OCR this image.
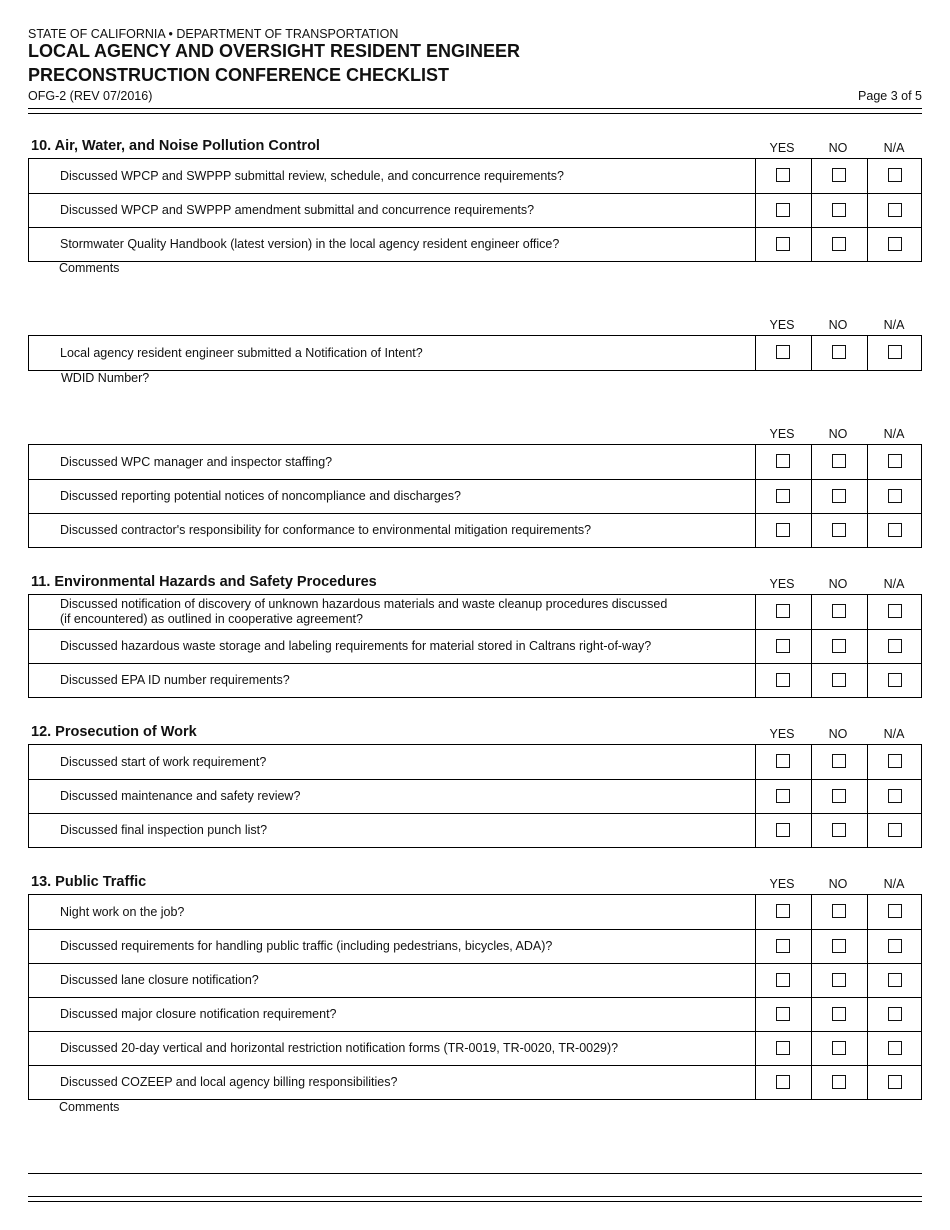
STATE OF CALIFORNIA • DEPARTMENT OF TRANSPORTATION
LOCAL AGENCY AND OVERSIGHT RESIDENT ENGINEER
PRECONSTRUCTION CONFERENCE CHECKLIST
OFG-2 (REV 07/2016)	Page 3 of 5
10. Air, Water, and Noise Pollution Control	YES	NO	N/A
Discussed WPCP and SWPPP submittal review, schedule, and concurrence requirements?
Discussed WPCP and SWPPP amendment submittal and concurrence requirements?
Stormwater Quality Handbook (latest version) in the local agency resident engineer office?
Comments
YES	NO	N/A
Local agency resident engineer submitted a Notification of Intent?
WDID Number?
YES	NO	N/A
Discussed WPC manager and inspector staffing?
Discussed reporting potential notices of noncompliance and discharges?
Discussed contractor's responsibility for conformance to environmental mitigation requirements?
11. Environmental Hazards and Safety Procedures	YES	NO	N/A
Discussed notification of discovery of unknown hazardous materials and waste cleanup procedures discussed (if encountered) as outlined in cooperative agreement?
Discussed hazardous waste storage and labeling requirements for material stored in Caltrans right-of-way?
Discussed EPA ID number requirements?
12. Prosecution of Work	YES	NO	N/A
Discussed start of work requirement?
Discussed maintenance and safety review?
Discussed final inspection punch list?
13. Public Traffic	YES	NO	N/A
Night work on the job?
Discussed requirements for handling public traffic (including pedestrians, bicycles, ADA)?
Discussed lane closure notification?
Discussed major closure notification requirement?
Discussed 20-day vertical and horizontal restriction notification forms (TR-0019, TR-0020, TR-0029)?
Discussed COZEEP and local agency billing responsibilities?
Comments
